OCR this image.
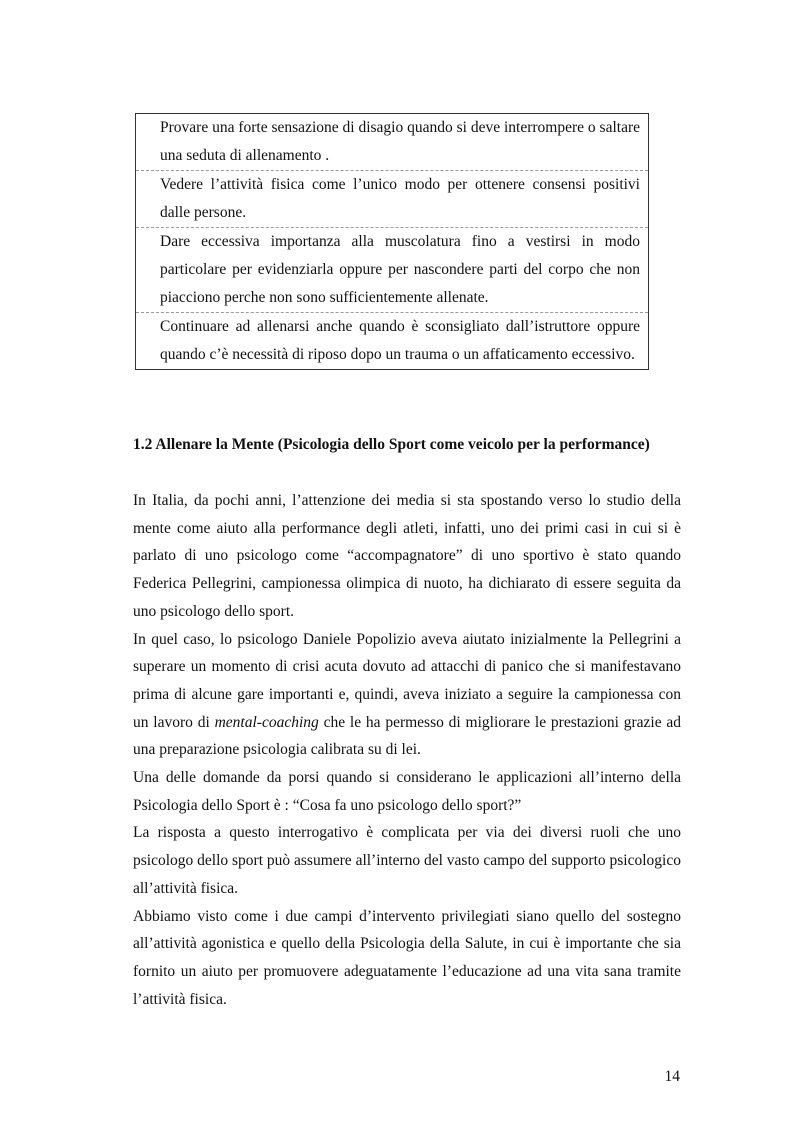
Provare una forte sensazione di disagio quando si deve interrompere o saltare una seduta di allenamento .
Vedere l’attività fisica come l’unico modo per ottenere consensi positivi dalle persone.
Dare eccessiva importanza alla muscolatura fino a vestirsi in modo particolare per evidenziarla oppure per nascondere parti del corpo che non piacciono perche non sono sufficientemente allenate.
Continuare ad allenarsi anche quando è sconsigliato dall’istruttore oppure quando c’è necessità di riposo dopo un trauma o un affaticamento eccessivo.
1.2 Allenare la Mente (Psicologia dello Sport come veicolo per la performance)

In Italia, da pochi anni, l’attenzione dei media si sta spostando verso lo studio della mente come aiuto alla performance degli atleti, infatti, uno dei primi casi in cui si è parlato di uno psicologo come “accompagnatore” di uno sportivo è stato quando Federica Pellegrini, campionessa olimpica di nuoto, ha dichiarato di essere seguita da uno psicologo dello sport.

In quel caso, lo psicologo Daniele Popolizio aveva aiutato inizialmente la Pellegrini a superare un momento di crisi acuta dovuto ad attacchi di panico che si manifestavano prima di alcune gare importanti e, quindi, aveva iniziato a seguire la campionessa con un lavoro di mental-coaching che le ha permesso di migliorare le prestazioni grazie ad una preparazione psicologia calibrata su di lei.

Una delle domande da porsi quando si considerano le applicazioni all’interno della Psicologia dello Sport è : “Cosa fa uno psicologo dello sport?”

La risposta a questo interrogativo è complicata per via dei diversi ruoli che uno psicologo dello sport può assumere all’interno del vasto campo del supporto psicologico all’attività fisica.

Abbiamo visto come i due campi d’intervento privilegiati siano quello del sostegno all’attività agonistica e quello della Psicologia della Salute, in cui è importante che sia fornito un aiuto per promuovere adeguatamente l’educazione ad una vita sana tramite l’attività fisica.

14
